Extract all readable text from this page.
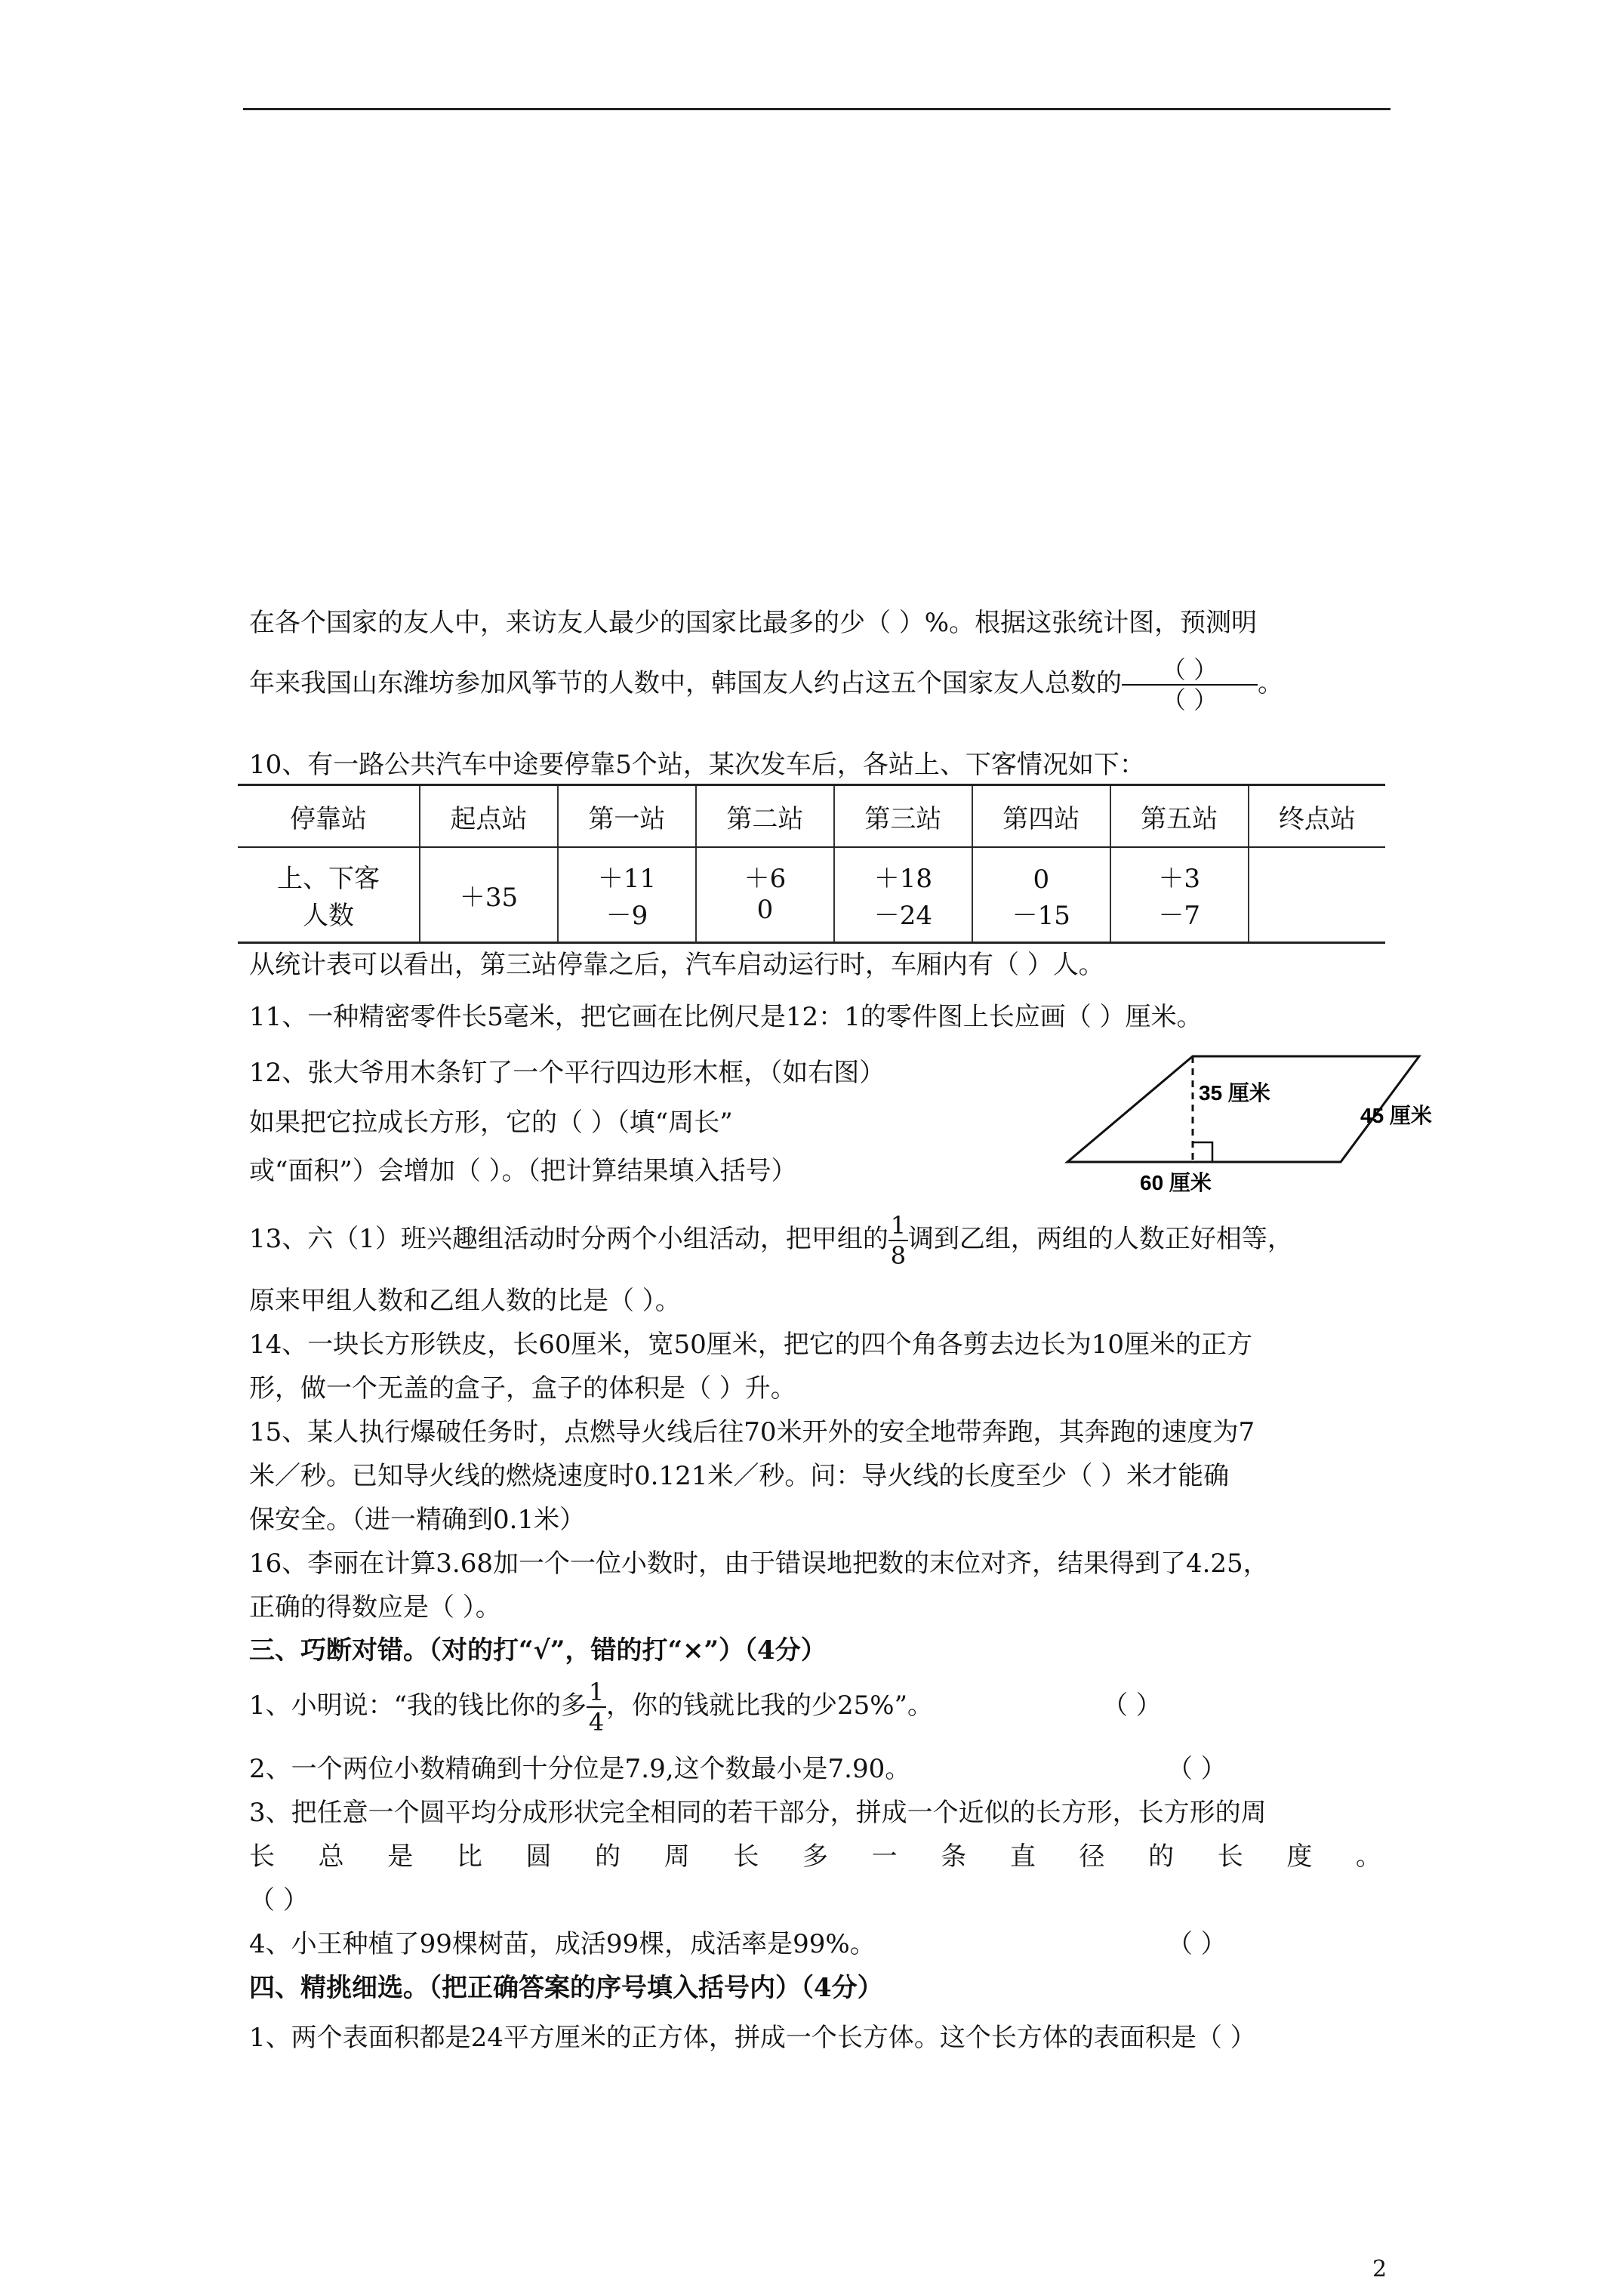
在各个国家的友人中，来访友人最少的国家比最多的少（ ）%。根据这张统计图，预测明
年来我国山东潍坊参加风筝节的人数中，韩国友人约占这五个国家友人总数的 $\frac{( )}{( )}$ 。
10、有一路公共汽车中途要停靠5个站，某次发车后，各站上、下客情况如下：
停靠站	起点站	第一站	第二站	第三站	第四站	第五站	终点站
上、下客	＋35	＋11	＋6	＋18	0	＋3	
人数		－9	0	－24	－15	－7	
从统计表可以看出，第三站停靠之后，汽车启动运行时，车厢内有（ ）人。
11、一种精密零件长5毫米，把它画在比例尺是12：1的零件图上长应画（ ）厘米。
12、张大爷用木条钉了一个平行四边形木框，（如右图）
如果把它拉成长方形，它的（ ）（填“周长”
或“面积”）会增加（ ）。（把计算结果填入括号）
35 厘米
45 厘米
60 厘米
13、六（1）班兴趣组活动时分两个小组活动，把甲组的 $\frac{1}{8}$ 调到乙组，两组的人数正好相等，
原来甲组人数和乙组人数的比是（ ）。
14、一块长方形铁皮，长60厘米，宽50厘米，把它的四个角各剪去边长为10厘米的正方
形，做一个无盖的盒子，盒子的体积是（ ）升。
15、某人执行爆破任务时，点燃导火线后往70米开外的安全地带奔跑，其奔跑的速度为7
米／秒。已知导火线的燃烧速度时0.121米／秒。问：导火线的长度至少（ ）米才能确
保安全。（进一精确到0.1米）
16、李丽在计算3.68加一个一位小数时，由于错误地把数的末位对齐，结果得到了4.25，
正确的得数应是（ ）。
三、巧断对错。（对的打“√”，错的打“×”）（4分）
1、小明说：“我的钱比你的多 $\frac{1}{4}$ ，你的钱就比我的少25%”。	（ ）
2、一个两位小数精确到十分位是7.9,这个数最小是7.90。	（ ）
3、把任意一个圆平均分成形状完全相同的若干部分，拼成一个近似的长方形，长方形的周
长 总 是 比 圆 的 周 长 多 一 条 直 径 的 长 度 。
（ ）
4、小王种植了99棵树苗，成活99棵，成活率是99%。	（ ）
四、精挑细选。（把正确答案的序号填入括号内）（4分）
1、两个表面积都是24平方厘米的正方体，拼成一个长方体。这个长方体的表面积是（ ）
2
